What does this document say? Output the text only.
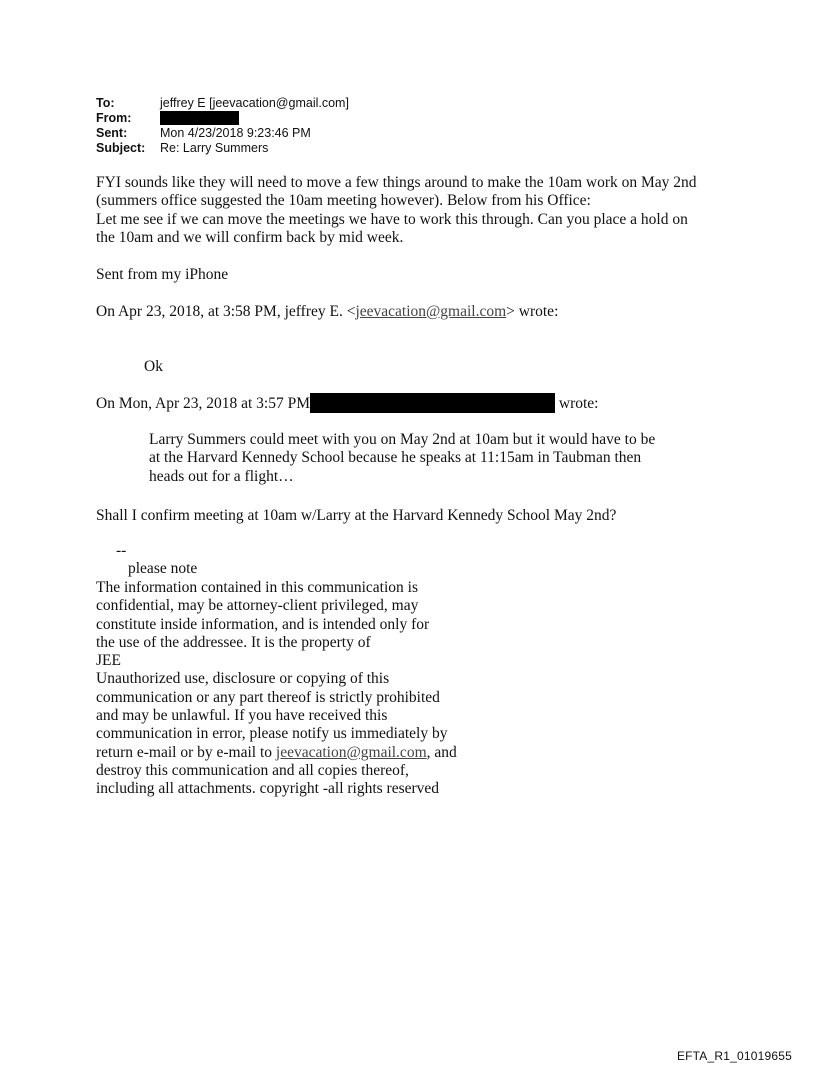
To:	jeffrey E [jeevacation@gmail.com]
From:
Sent:	Mon 4/23/2018 9:23:46 PM
Subject:	Re: Larry Summers
FYI sounds like they will need to move a few things around to make the 10am work on May 2nd
(summers office suggested the 10am meeting however). Below from his Office:
Let me see if we can move the meetings we have to work this through. Can you place a hold on
the 10am and we will confirm back by mid week.
Sent from my iPhone
On Apr 23, 2018, at 3:58 PM, jeffrey E. <jeevacation@gmail.com> wrote:
Ok
On Mon, Apr 23, 2018 at 3:57 PM	wrote:
Larry Summers could meet with you on May 2nd at 10am but it would have to be
at the Harvard Kennedy School because he speaks at 11:15am in Taubman then
heads out for a flight…
Shall I confirm meeting at 10am w/Larry at the Harvard Kennedy School May 2nd?
--
please note
The information contained in this communication is
confidential, may be attorney-client privileged, may
constitute inside information, and is intended only for
the use of the addressee. It is the property of
JEE
Unauthorized use, disclosure or copying of this
communication or any part thereof is strictly prohibited
and may be unlawful. If you have received this
communication in error, please notify us immediately by
return e-mail or by e-mail to jeevacation@gmail.com, and
destroy this communication and all copies thereof,
including all attachments. copyright -all rights reserved
EFTA_R1_01019655
